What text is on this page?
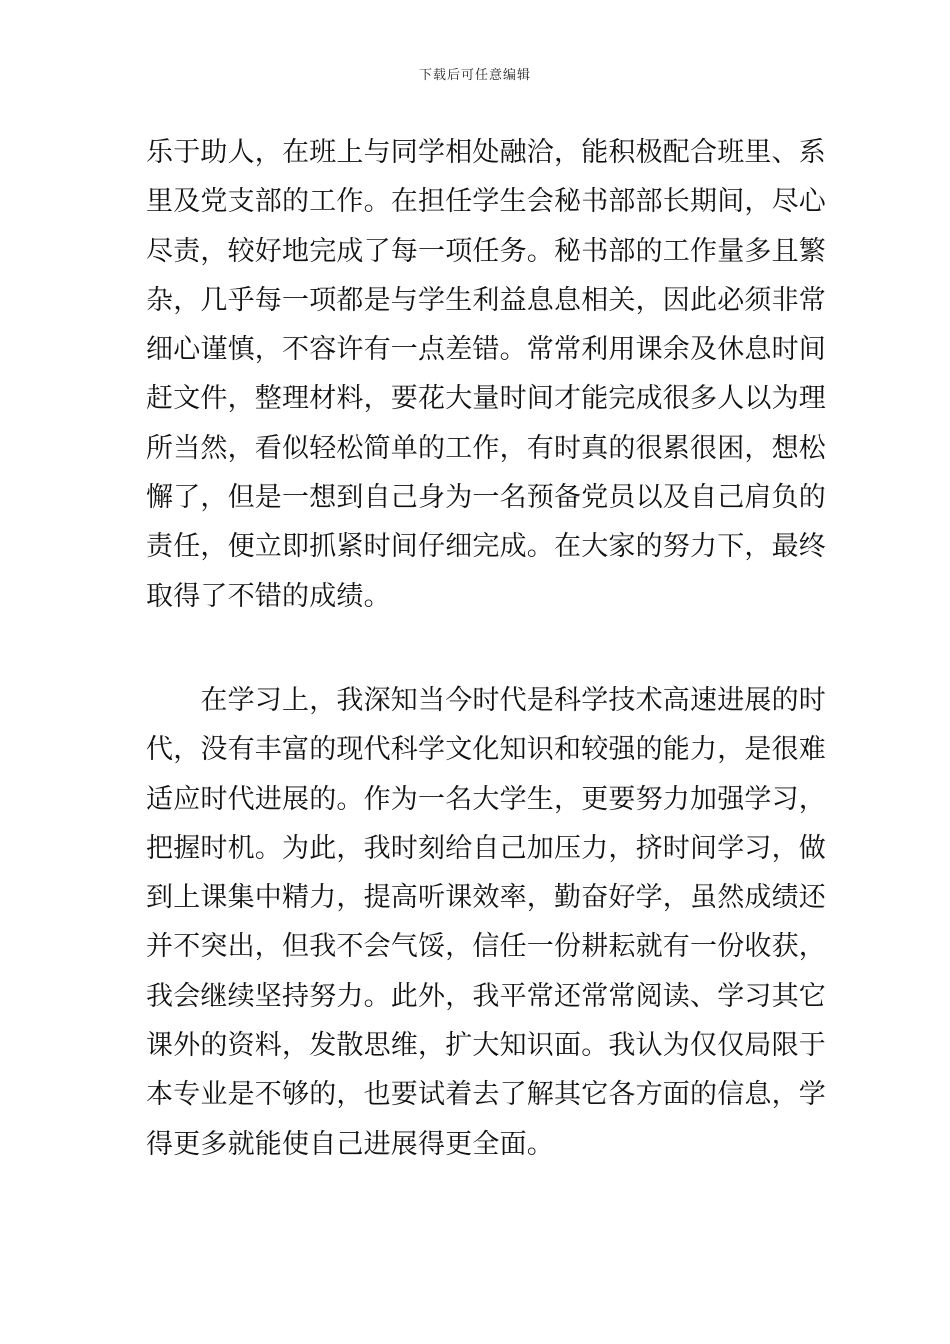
下载后可任意编辑

乐于助人，在班上与同学相处融洽，能积极配合班里、系
里及党支部的工作。在担任学生会秘书部部长期间，尽心
尽责，较好地完成了每一项任务。秘书部的工作量多且繁
杂，几乎每一项都是与学生利益息息相关，因此必须非常
细心谨慎，不容许有一点差错。常常利用课余及休息时间
赶文件，整理材料，要花大量时间才能完成很多人以为理
所当然，看似轻松简单的工作，有时真的很累很困，想松
懈了，但是一想到自己身为一名预备党员以及自己肩负的
责任，便立即抓紧时间仔细完成。在大家的努力下，最终
取得了不错的成绩。

　　在学习上，我深知当今时代是科学技术高速进展的时
代，没有丰富的现代科学文化知识和较强的能力，是很难
适应时代进展的。作为一名大学生，更要努力加强学习，
把握时机。为此，我时刻给自己加压力，挤时间学习，做
到上课集中精力，提高听课效率，勤奋好学，虽然成绩还
并不突出，但我不会气馁，信任一份耕耘就有一份收获，
我会继续坚持努力。此外，我平常还常常阅读、学习其它
课外的资料，发散思维，扩大知识面。我认为仅仅局限于
本专业是不够的，也要试着去了解其它各方面的信息，学
得更多就能使自己进展得更全面。
